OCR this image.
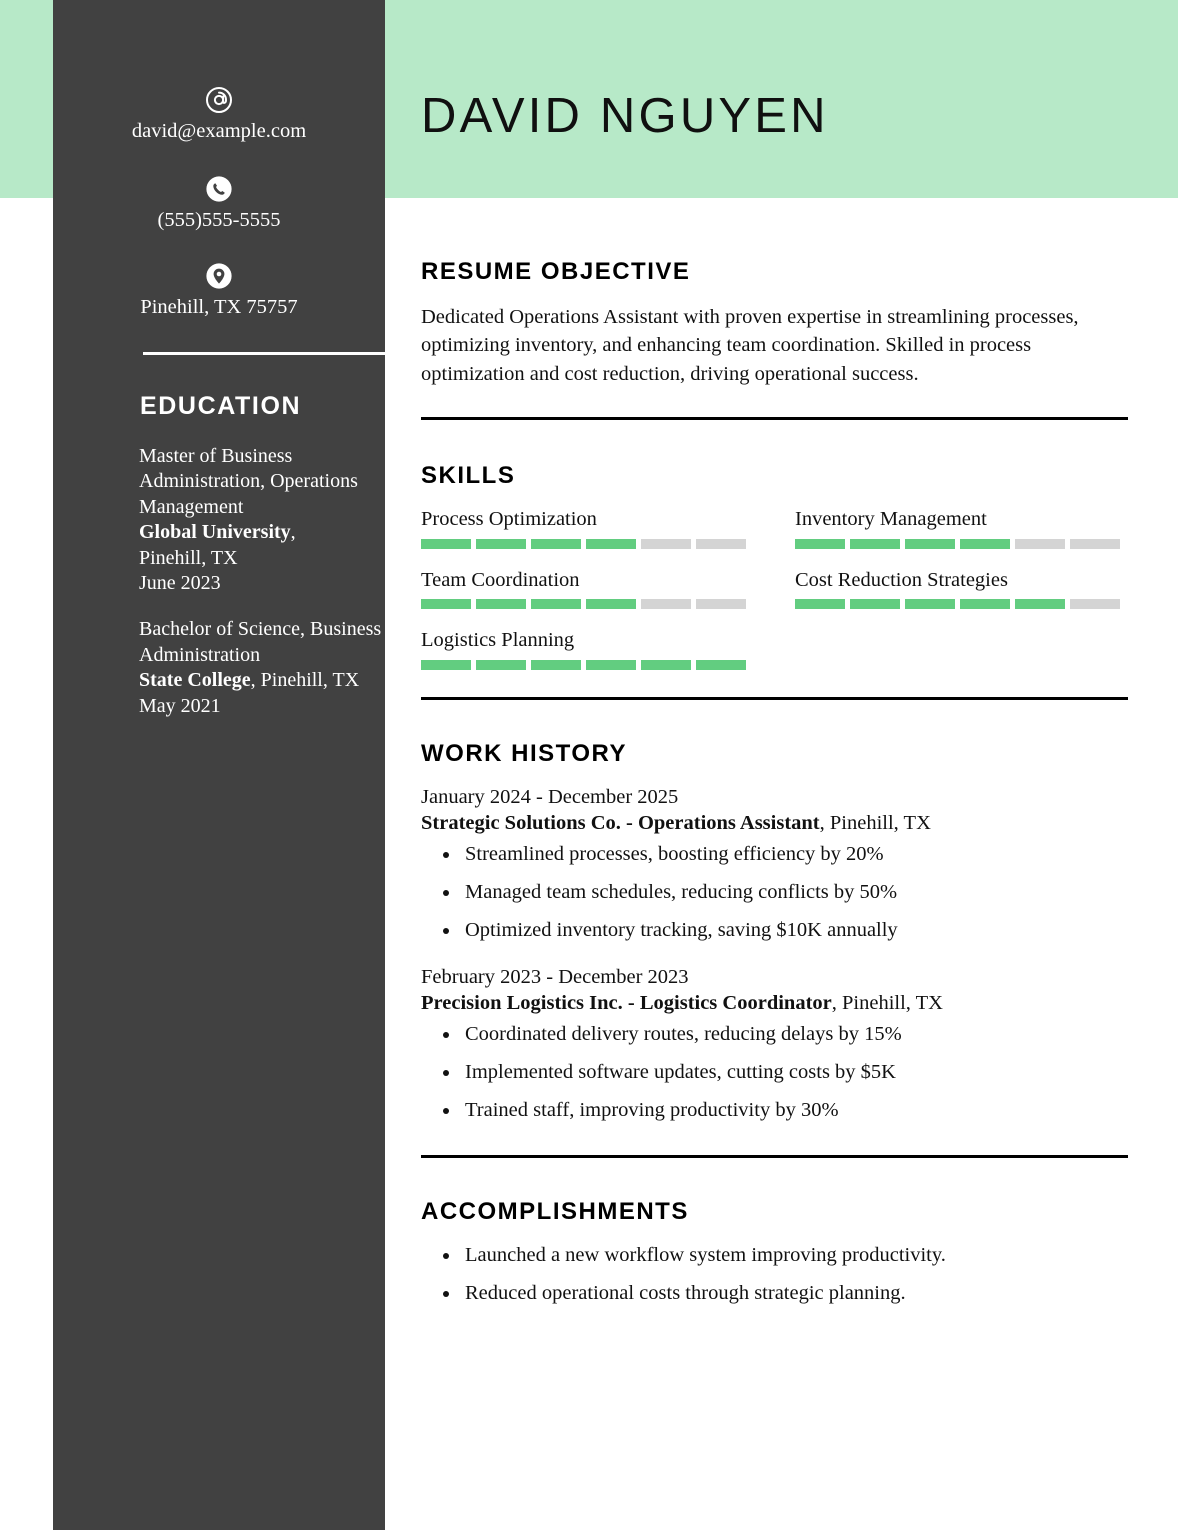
DAVID NGUYEN
david@example.com
(555)555-5555
Pinehill, TX 75757
EDUCATION
Master of Business Administration, Operations Management
Global University,
Pinehill, TX
June 2023
Bachelor of Science, Business Administration
State College, Pinehill, TX
May 2021
RESUME OBJECTIVE

Dedicated Operations Assistant with proven expertise in streamlining processes, optimizing inventory, and enhancing team coordination. Skilled in process optimization and cost reduction, driving operational success.

SKILLS
Process Optimization	Inventory Management
Team Coordination	Cost Reduction Strategies
Logistics Planning
WORK HISTORY
January 2024 - December 2025
Strategic Solutions Co. - Operations Assistant, Pinehill, TX
• Streamlined processes, boosting efficiency by 20%
• Managed team schedules, reducing conflicts by 50%
• Optimized inventory tracking, saving $10K annually
February 2023 - December 2023
Precision Logistics Inc. - Logistics Coordinator, Pinehill, TX
• Coordinated delivery routes, reducing delays by 15%
• Implemented software updates, cutting costs by $5K
• Trained staff, improving productivity by 30%
ACCOMPLISHMENTS
• Launched a new workflow system improving productivity.
• Reduced operational costs through strategic planning.
